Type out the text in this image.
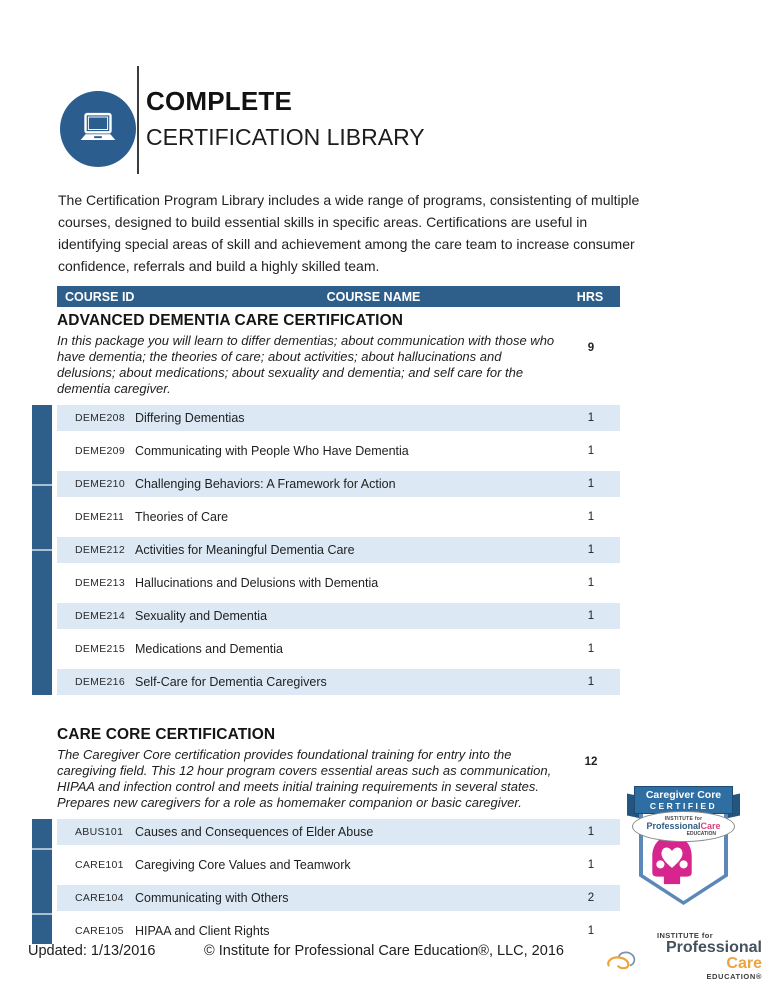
COMPLETE
CERTIFICATION LIBRARY

The Certification Program Library includes a wide range of programs, consistenting of multiple courses, designed to build essential skills in specific areas. Certifications are useful in identifying special areas of skill and achievement among the care team to increase consumer confidence, referrals and build a highly skilled team.

COURSE ID	COURSE NAME	HRS
ADVANCED DEMENTIA CARE CERTIFICATION

In this package you will learn to differ dementias; about communication with those who have dementia; the theories of care; about activities; about hallucinations and delusions; about medications; about sexuality and dementia; and self care for the dementia caregiver.

9
DEME208 Differing Dementias	1
DEME209 Communicating with People Who Have Dementia	1
DEME210 Challenging Behaviors: A Framework for Action	1
DEME211 Theories of Care	1
DEME212 Activities for Meaningful Dementia Care	1
DEME213 Hallucinations and Delusions with Dementia	1
DEME214 Sexuality and Dementia	1
DEME215 Medications and Dementia	1
DEME216 Self-Care for Dementia Caregivers	1
CARE CORE CERTIFICATION

The Caregiver Core certification provides foundational training for entry into the caregiving field. This 12 hour program covers essential areas such as communication, HIPAA and infection control and meets initial training requirements in several states. Prepares new caregivers for a role as homemaker companion or basic caregiver.

12
ABUS101 Causes and Consequences of Elder Abuse	1
CARE101 Caregiving Core Values and Teamwork	1
CARE104 Communicating with Others	2
CARE105 HIPAA and Client Rights	1
Caregiver Core
CERTIFIED
INSTITUTE for
ProfessionalCare
EDUCATION
Updated: 1/13/2016	© Institute for Professional Care Education®, LLC, 2016
INSTITUTE for
Professional Care
EDUCATION®
